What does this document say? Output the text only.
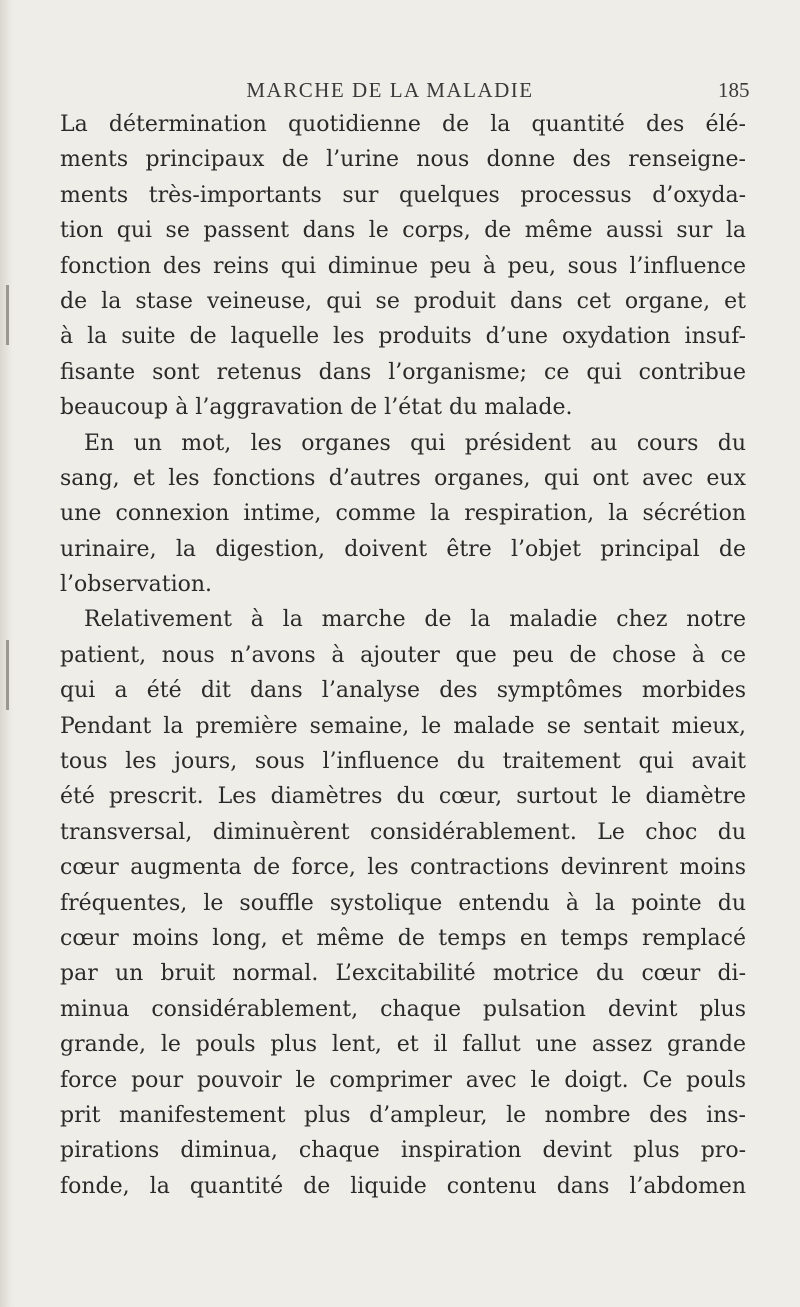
MARCHE DE LA MALADIE	185
La détermination quotidienne de la quantité des élé-
ments principaux de l’urine nous donne des renseigne-
ments très-importants sur quelques processus d’oxyda-
tion qui se passent dans le corps, de même aussi sur la
fonction des reins qui diminue peu à peu, sous l’influence
de la stase veineuse, qui se produit dans cet organe, et
à la suite de laquelle les produits d’une oxydation insuf-
fisante sont retenus dans l’organisme; ce qui contribue
beaucoup à l’aggravation de l’état du malade.
En un mot, les organes qui président au cours du
sang, et les fonctions d’autres organes, qui ont avec eux
une connexion intime, comme la respiration, la sécrétion
urinaire, la digestion, doivent être l’objet principal de
l’observation.
Relativement à la marche de la maladie chez notre
patient, nous n’avons à ajouter que peu de chose à ce
qui a été dit dans l’analyse des symptômes morbides
Pendant la première semaine, le malade se sentait mieux,
tous les jours, sous l’influence du traitement qui avait
été prescrit. Les diamètres du cœur, surtout le diamètre
transversal, diminuèrent considérablement. Le choc du
cœur augmenta de force, les contractions devinrent moins
fréquentes, le souffle systolique entendu à la pointe du
cœur moins long, et même de temps en temps remplacé
par un bruit normal. L’excitabilité motrice du cœur di-
minua considérablement, chaque pulsation devint plus
grande, le pouls plus lent, et il fallut une assez grande
force pour pouvoir le comprimer avec le doigt. Ce pouls
prit manifestement plus d’ampleur, le nombre des ins-
pirations diminua, chaque inspiration devint plus pro-
fonde, la quantité de liquide contenu dans l’abdomen
